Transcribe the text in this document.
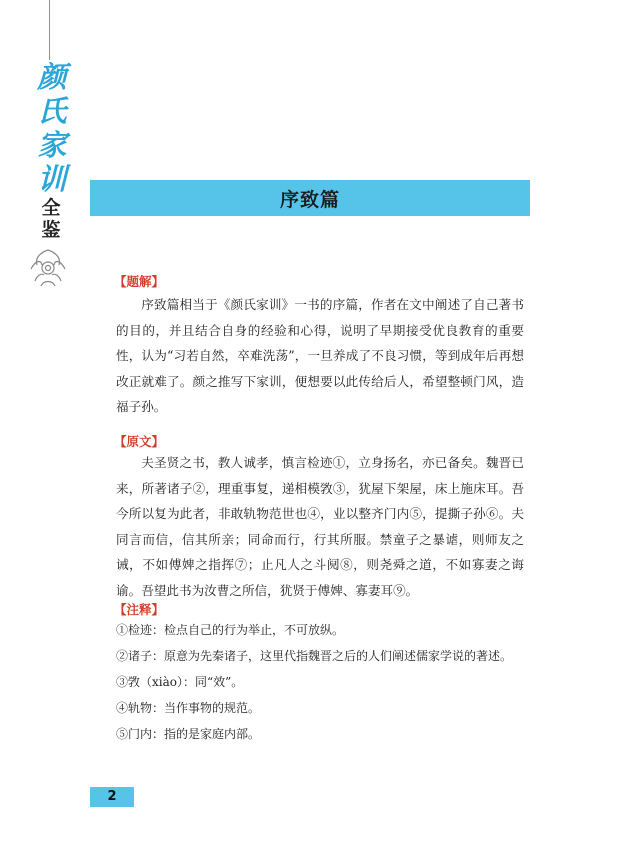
颜
氏
家
训
全
鉴
序致篇
【题解】

序致篇相当于《颜氏家训》一书的序篇，作者在文中阐述了自己著书的目的，并且结合自身的经验和心得，说明了早期接受优良教育的重要性，认为“习若自然，卒难洗荡”，一旦养成了不良习惯，等到成年后再想改正就难了。颜之推写下家训，便想要以此传给后人，希望整顿门风，造福子孙。

【原文】

夫圣贤之书，教人诚孝，慎言检迹①，立身扬名，亦已备矣。魏晋已来，所著诸子②，理重事复，递相模敩③，犹屋下架屋，床上施床耳。吾今所以复为此者，非敢轨物范世也④，业以整齐门内⑤，提撕子孙⑥。夫同言而信，信其所亲；同命而行，行其所服。禁童子之暴谑，则师友之诫，不如傅婢之指挥⑦；止凡人之斗阋⑧，则尧舜之道，不如寡妻之诲谕。吾望此书为汝曹之所信，犹贤于傅婢、寡妻耳⑨。

【注释】

①检迹：检点自己的行为举止，不可放纵。

②诸子：原意为先秦诸子，这里代指魏晋之后的人们阐述儒家学说的著述。

③敩（xiào）：同“效”。

④轨物：当作事物的规范。

⑤门内：指的是家庭内部。

2
